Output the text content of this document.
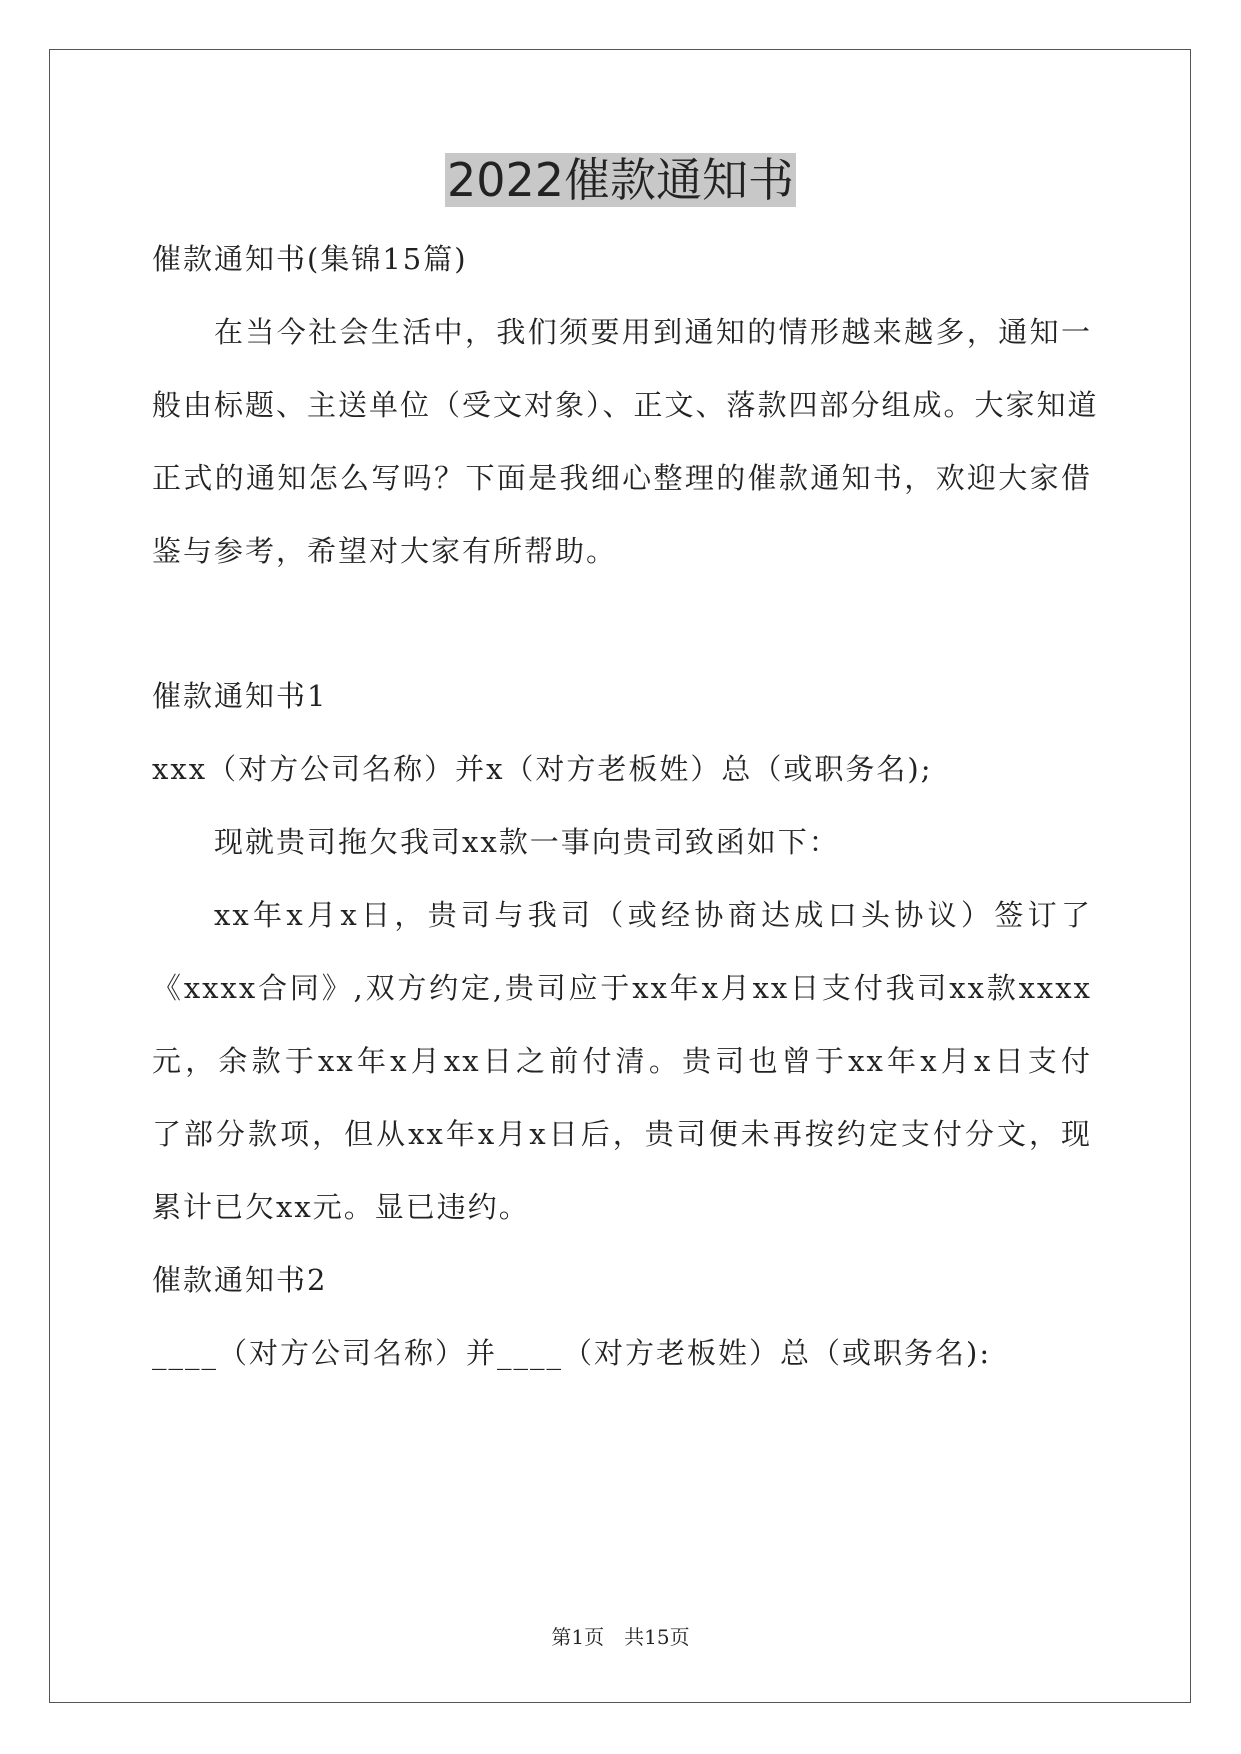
2022催款通知书
催款通知书(集锦15篇)
在当今社会生活中，我们须要用到通知的情形越来越多，通知一
般由标题、主送单位（受文对象）、正文、落款四部分组成。大家知道
正式的通知怎么写吗？下面是我细心整理的催款通知书，欢迎大家借
鉴与参考，希望对大家有所帮助。
催款通知书1
xxx（对方公司名称）并x（对方老板姓）总（或职务名);
现就贵司拖欠我司xx款一事向贵司致函如下：
xx年x月x日，贵司与我司（或经协商达成口头协议）签订了
《xxxx合同》,双方约定,贵司应于xx年x月xx日支付我司xx款xxxx
元，余款于xx年x月xx日之前付清。贵司也曾于xx年x月x日支付
了部分款项，但从xx年x月x日后，贵司便未再按约定支付分文，现
累计已欠xx元。显已违约。
催款通知书2
____（对方公司名称）并____（对方老板姓）总（或职务名):
第1页　共15页
